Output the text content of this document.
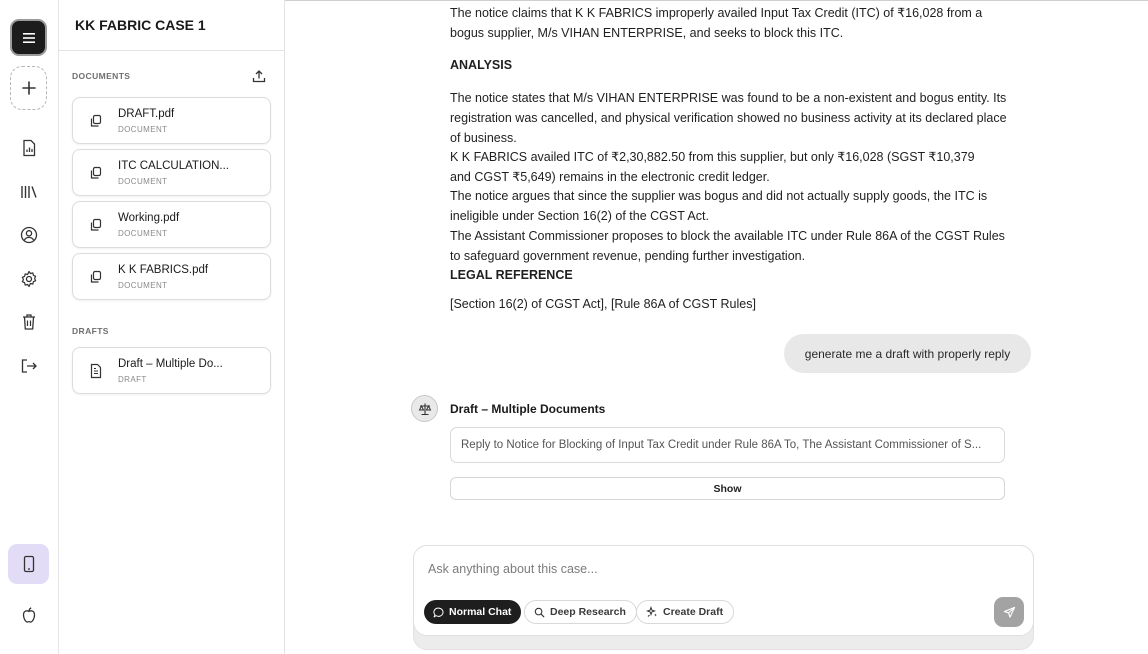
KK FABRIC CASE 1
DOCUMENTS
DRAFT.pdf
DOCUMENT
ITC CALCULATION...
DOCUMENT
Working.pdf
DOCUMENT
K K FABRICS.pdf
DOCUMENT
DRAFTS
Draft – Multiple Do...
DRAFT

The notice claims that K K FABRICS improperly availed Input Tax Credit (ITC) of ₹16,028 from a bogus supplier, M/s VIHAN ENTERPRISE, and seeks to block this ITC.

ANALYSIS

The notice states that M/s VIHAN ENTERPRISE was found to be a non-existent and bogus entity. Its registration was cancelled, and physical verification showed no business activity at its declared place of business.

K K FABRICS availed ITC of ₹2,30,882.50 from this supplier, but only ₹16,028 (SGST ₹10,379 and CGST ₹5,649) remains in the electronic credit ledger.

The notice argues that since the supplier was bogus and did not actually supply goods, the ITC is ineligible under Section 16(2) of the CGST Act.

The Assistant Commissioner proposes to block the available ITC under Rule 86A of the CGST Rules to safeguard government revenue, pending further investigation.

LEGAL REFERENCE

[Section 16(2) of CGST Act], [Rule 86A of CGST Rules]

generate me a draft with properly reply
Draft – Multiple Documents
Reply to Notice for Blocking of Input Tax Credit under Rule 86A To, The Assistant Commissioner of S...
Show
Ask anything about this case...
Normal Chat	Deep Research	Create Draft
